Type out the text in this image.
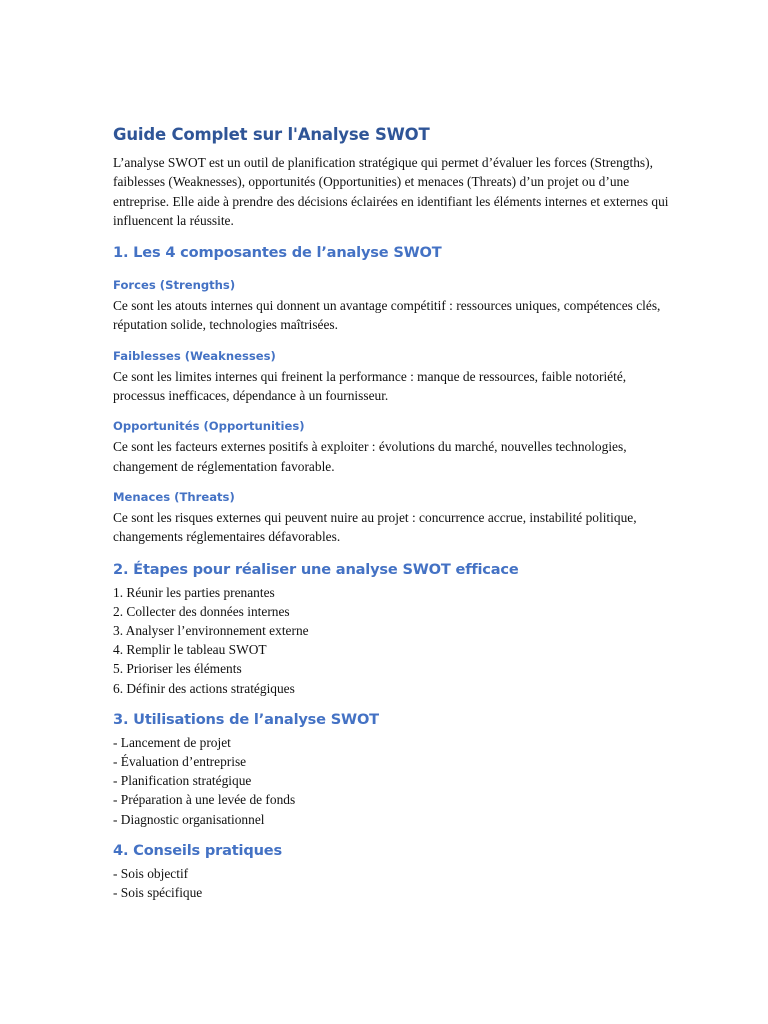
Guide Complet sur l'Analyse SWOT

L’analyse SWOT est un outil de planification stratégique qui permet d’évaluer les forces (Strengths), faiblesses (Weaknesses), opportunités (Opportunities) et menaces (Threats) d’un projet ou d’une entreprise. Elle aide à prendre des décisions éclairées en identifiant les éléments internes et externes qui influencent la réussite.

1. Les 4 composantes de l’analyse SWOT
Forces (Strengths)

Ce sont les atouts internes qui donnent un avantage compétitif : ressources uniques, compétences clés, réputation solide, technologies maîtrisées.

Faiblesses (Weaknesses)

Ce sont les limites internes qui freinent la performance : manque de ressources, faible notoriété, processus inefficaces, dépendance à un fournisseur.

Opportunités (Opportunities)

Ce sont les facteurs externes positifs à exploiter : évolutions du marché, nouvelles technologies, changement de réglementation favorable.

Menaces (Threats)

Ce sont les risques externes qui peuvent nuire au projet : concurrence accrue, instabilité politique, changements réglementaires défavorables.

2. Étapes pour réaliser une analyse SWOT efficace

1. Réunir les parties prenantes

2. Collecter des données internes

3. Analyser l’environnement externe

4. Remplir le tableau SWOT

5. Prioriser les éléments

6. Définir des actions stratégiques

3. Utilisations de l’analyse SWOT

- Lancement de projet

- Évaluation d’entreprise

- Planification stratégique

- Préparation à une levée de fonds

- Diagnostic organisationnel

4. Conseils pratiques

- Sois objectif

- Sois spécifique
